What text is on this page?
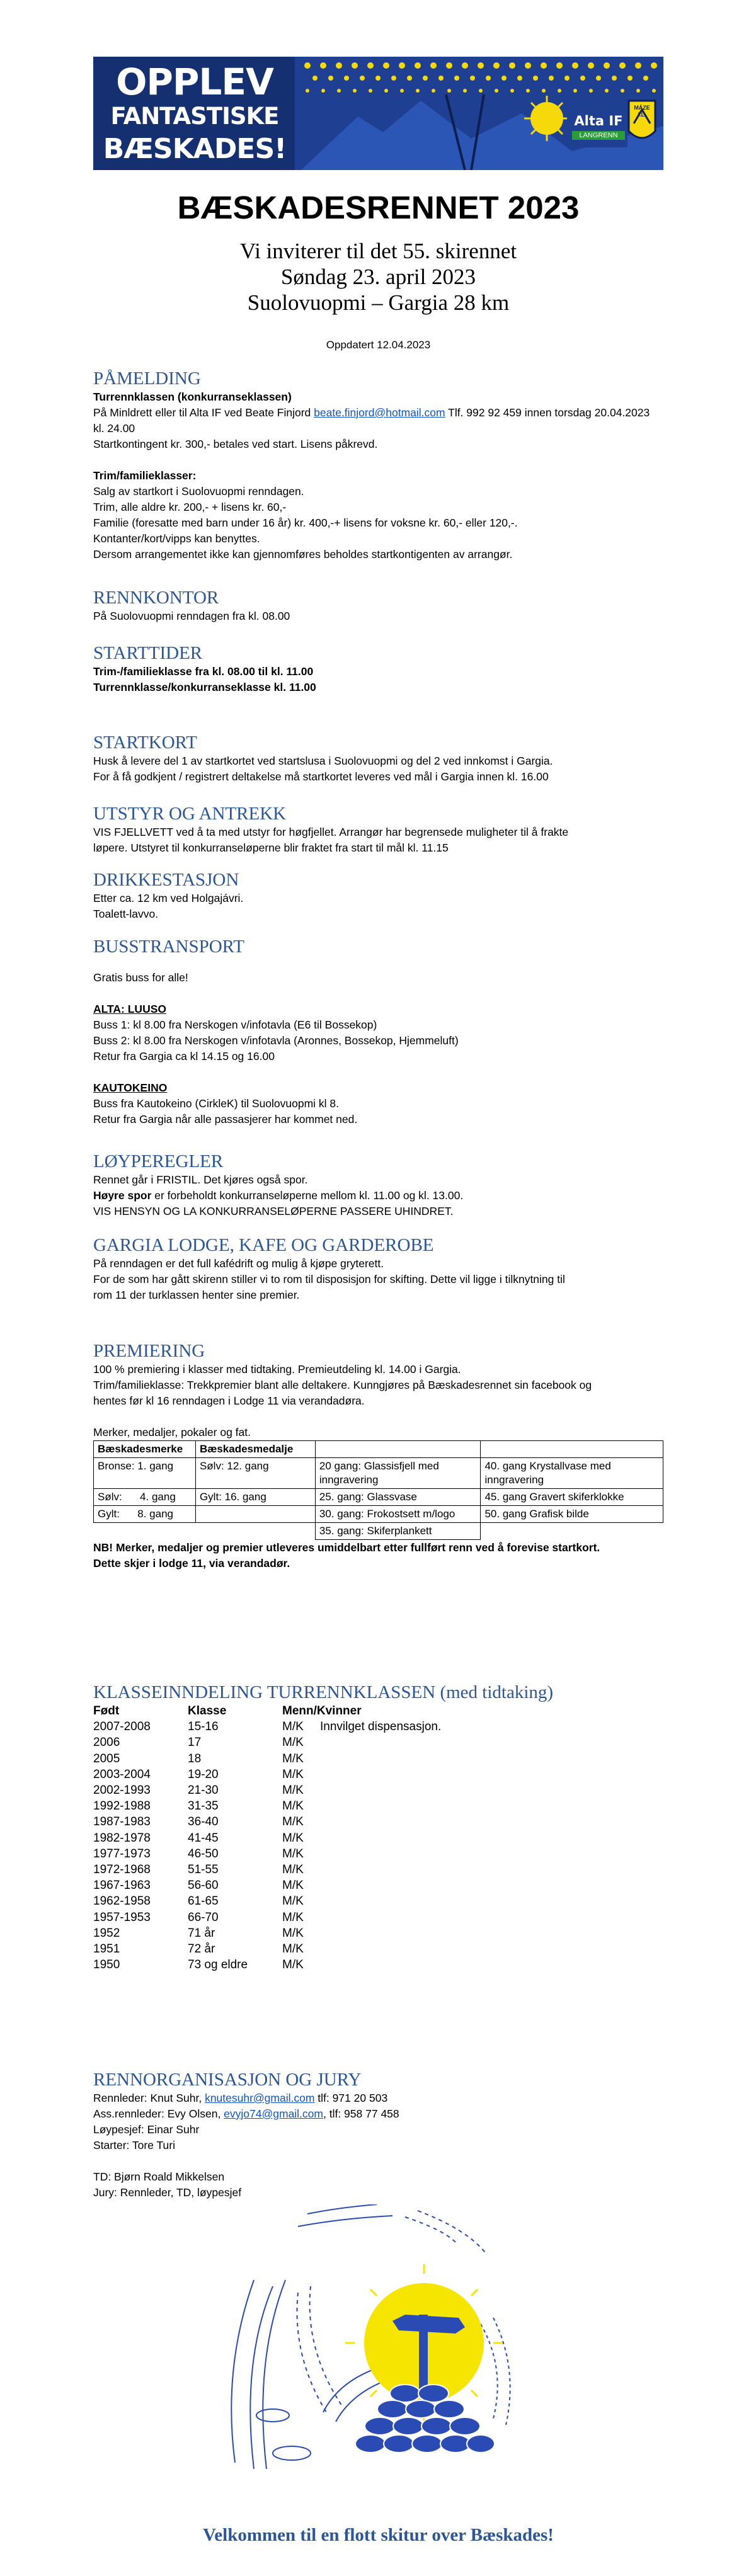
OPPLEV
FANTASTISKE
BÆSKADES!
Alta IF
LANGRENN
MÁZE I.L.
BÆSKADESRENNET 2023
Vi inviterer til det 55. skirennet
Søndag 23. april 2023
Suolovuopmi – Gargia 28 km
Oppdatert 12.04.2023
PÅMELDING

Turrennklassen (konkurranseklassen)

På Minldrett eller til Alta IF ved Beate Finjord beate.finjord@hotmail.com Tlf. 992 92 459 innen torsdag 20.04.2023 kl. 24.00

Startkontingent kr. 300,- betales ved start. Lisens påkrevd.

Trim/familieklasser:

Salg av startkort i Suolovuopmi renndagen.

Trim, alle aldre kr. 200,- + lisens kr. 60,-

Familie (foresatte med barn under 16 år) kr. 400,-+ lisens for voksne kr. 60,- eller 120,-.

Kontanter/kort/vipps kan benyttes.

Dersom arrangementet ikke kan gjennomføres beholdes startkontigenten av arrangør.

RENNKONTOR

På Suolovuopmi renndagen fra kl. 08.00

STARTTIDER

Trim-/familieklasse fra kl. 08.00 til kl. 11.00

Turrennklasse/konkurranseklasse kl. 11.00

STARTKORT

Husk å levere del 1 av startkortet ved startslusa i Suolovuopmi og del 2 ved innkomst i Gargia.

For å få godkjent / registrert deltakelse må startkortet leveres ved mål i Gargia innen kl. 16.00

UTSTYR OG ANTREKK

VIS FJELLVETT ved å ta med utstyr for høgfjellet. Arrangør har begrensede muligheter til å frakte

løpere. Utstyret til konkurranseløperne blir fraktet fra start til mål kl. 11.15

DRIKKESTASJON

Etter ca. 12 km ved Holgajávri.

Toalett-lavvo.

BUSSTRANSPORT

Gratis buss for alle!

ALTA: LUUSO

Buss 1: kl 8.00 fra Nerskogen v/infotavla (E6 til Bossekop)

Buss 2: kl 8.00 fra Nerskogen v/infotavla (Aronnes, Bossekop, Hjemmeluft)

Retur fra Gargia ca kl 14.15 og 16.00

KAUTOKEINO

Buss fra Kautokeino (CirkleK) til Suolovuopmi kl 8.

Retur fra Gargia når alle passasjerer har kommet ned.

LØYPEREGLER

Rennet går i FRISTIL. Det kjøres også spor.

Høyre spor er forbeholdt konkurranseløperne mellom kl. 11.00 og kl. 13.00.

VIS HENSYN OG LA KONKURRANSELØPERNE PASSERE UHINDRET.

GARGIA LODGE, KAFE OG GARDEROBE

På renndagen er det full kafédrift og mulig å kjøpe gryterett.

For de som har gått skirenn stiller vi to rom til disposisjon for skifting. Dette vil ligge i tilknytning til

rom 11 der turklassen henter sine premier.

PREMIERING

100 % premiering i klasser med tidtaking. Premieutdeling kl. 14.00 i Gargia.

Trim/familieklasse: Trekkpremier blant alle deltakere. Kunngjøres på Bæskadesrennet sin facebook og

hentes før kl 16 renndagen i Lodge 11 via verandadøra.

Merker, medaljer, pokaler og fat.

Bæskadesmerke	Bæskadesmedalje		
Bronse: 1. gang	Sølv: 12. gang	20 gang: Glassisfjell med inngravering	40. gang Krystallvase med inngravering
Sølv:      4. gang	Gylt: 16. gang	25. gang: Glassvase	45. gang Gravert skiferklokke
Gylt:      8. gang		30. gang: Frokostsett m/logo	50. gang Grafisk bilde
		35. gang: Skiferplankett	

NB! Merker, medaljer og premier utleveres umiddelbart etter fullført renn ved å forevise startkort.

Dette skjer i lodge 11, via verandadør.

KLASSEINNDELING TURRENNKLASSEN (med tidtaking)
Født	Klasse	Menn/Kvinner
2007-2008	15-16	M/K	Innvilget dispensasjon.
2006	17	M/K
2005	18	M/K
2003-2004	19-20	M/K
2002-1993	21-30	M/K
1992-1988	31-35	M/K
1987-1983	36-40	M/K
1982-1978	41-45	M/K
1977-1973	46-50	M/K
1972-1968	51-55	M/K
1967-1963	56-60	M/K
1962-1958	61-65	M/K
1957-1953	66-70	M/K
1952	71 år	M/K
1951	72 år	M/K
1950	73 og eldre	M/K
RENNORGANISASJON OG JURY

Rennleder: Knut Suhr, knutesuhr@gmail.com tlf: 971 20 503

Ass.rennleder: Evy Olsen, evyjo74@gmail.com, tlf: 958 77 458

Løypesjef: Einar Suhr

Starter: Tore Turi

TD: Bjørn Roald Mikkelsen

Jury: Rennleder, TD, løypesjef

Velkommen til en flott skitur over Bæskades!
